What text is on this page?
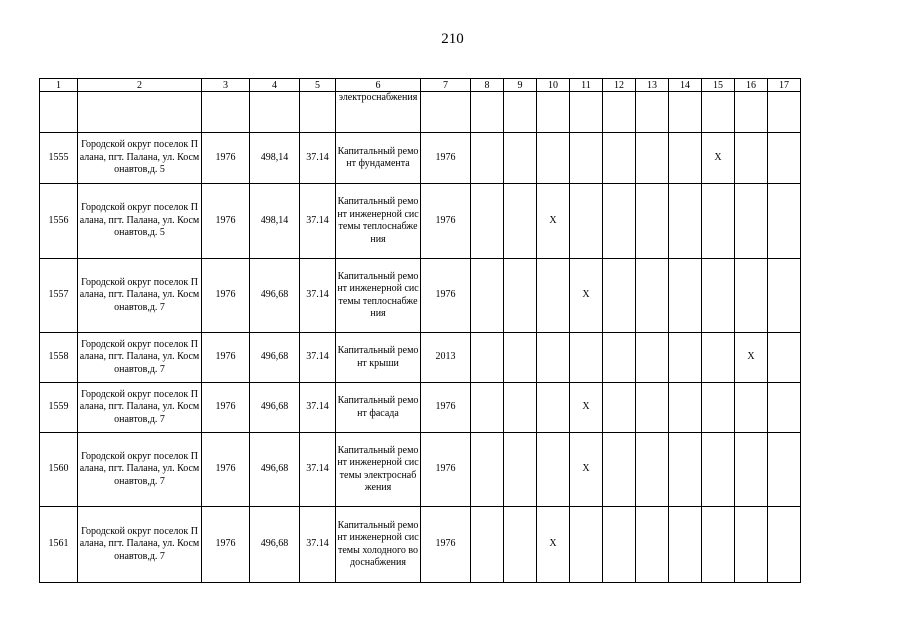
210
1	2	3	4	5	6	7	8	9	10	11	12	13	14	15	16	17
					электроснабжения											
1555	Городской округ поселок Палана, пгт. Палана, ул. Космонавтов,д. 5	1976	498,14	37.14	Капитальный ремонт фундамента	1976								X		
1556	Городской округ поселок Палана, пгт. Палана, ул. Космонавтов,д. 5	1976	498,14	37.14	Капитальный ремонт инженерной системы теплоснабжения	1976			X							
1557	Городской округ поселок Палана, пгт. Палана, ул. Космонавтов,д. 7	1976	496,68	37.14	Капитальный ремонт инженерной системы теплоснабжения	1976				X						
1558	Городской округ поселок Палана, пгт. Палана, ул. Космонавтов,д. 7	1976	496,68	37.14	Капитальный ремонт крыши	2013									X	
1559	Городской округ поселок Палана, пгт. Палана, ул. Космонавтов,д. 7	1976	496,68	37.14	Капитальный ремонт фасада	1976				X						
1560	Городской округ поселок Палана, пгт. Палана, ул. Космонавтов,д. 7	1976	496,68	37.14	Капитальный ремонт инженерной системы электроснабжения	1976				X						
1561	Городской округ поселок Палана, пгт. Палана, ул. Космонавтов,д. 7	1976	496,68	37.14	Капитальный ремонт инженерной системы холодного водоснабжения	1976			X							
